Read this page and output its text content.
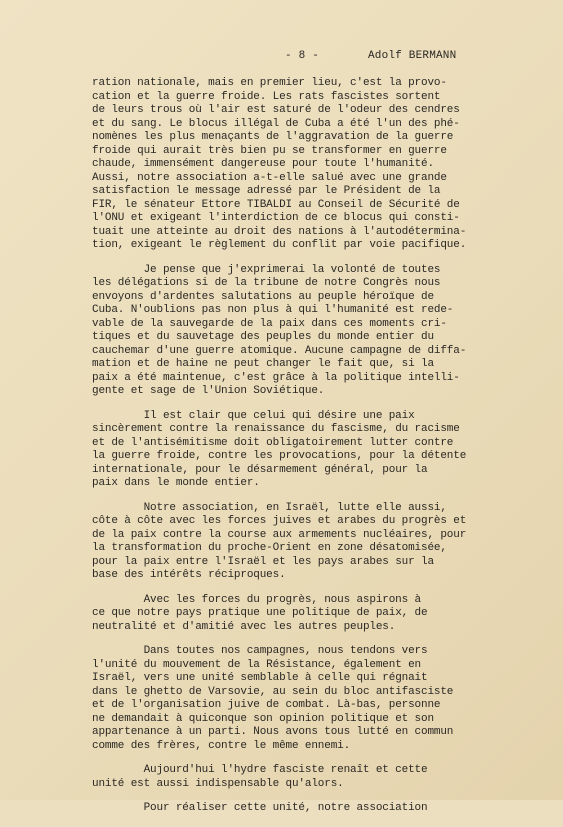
- 8 -	Adolf BERMANN
ration nationale, mais en premier lieu, c'est la provo-
cation et la guerre froide. Les rats fascistes sortent
de leurs trous où l'air est saturé de l'odeur des cendres
et du sang. Le blocus illégal de Cuba a été l'un des phé-
nomènes les plus menaçants de l'aggravation de la guerre
froide qui aurait très bien pu se transformer en guerre
chaude, immensément dangereuse pour toute l'humanité.
Aussi, notre association a-t-elle salué avec une grande
satisfaction le message adressé par le Président de la
FIR, le sénateur Ettore TIBALDI au Conseil de Sécurité de
l'ONU et exigeant l'interdiction de ce blocus qui consti-
tuait une atteinte au droit des nations à l'autodétermina-
tion, exigeant le règlement du conflit par voie pacifique.
Je pense que j'exprimerai la volonté de toutes
les délégations si de la tribune de notre Congrès nous
envoyons d'ardentes salutations au peuple héroïque de
Cuba. N'oublions pas non plus à qui l'humanité est rede-
vable de la sauvegarde de la paix dans ces moments cri-
tiques et du sauvetage des peuples du monde entier du
cauchemar d'une guerre atomique. Aucune campagne de diffa-
mation et de haine ne peut changer le fait que, si la
paix a été maintenue, c'est grâce à la politique intelli-
gente et sage de l'Union Soviétique.
Il est clair que celui qui désire une paix
sincèrement contre la renaissance du fascisme, du racisme
et de l'antisémitisme doit obligatoirement lutter contre
la guerre froide, contre les provocations, pour la détente
internationale, pour le désarmement général, pour la
paix dans le monde entier.
Notre association, en Israël, lutte elle aussi,
côte à côte avec les forces juives et arabes du progrès et
de la paix contre la course aux armements nucléaires, pour
la transformation du proche-Orient en zone désatomisée,
pour la paix entre l'Israël et les pays arabes sur la
base des intérêts réciproques.
Avec les forces du progrès, nous aspirons à
ce que notre pays pratique une politique de paix, de
neutralité et d'amitié avec les autres peuples.
Dans toutes nos campagnes, nous tendons vers
l'unité du mouvement de la Résistance, également en
Israël, vers une unité semblable à celle qui régnait
dans le ghetto de Varsovie, au sein du bloc antifasciste
et de l'organisation juive de combat. Là-bas, personne
ne demandait à quiconque son opinion politique et son
appartenance à un parti. Nous avons tous lutté en commun
comme des frères, contre le même ennemi.
Aujourd'hui l'hydre fasciste renaît et cette
unité est aussi indispensable qu'alors.
Pour réaliser cette unité, notre association
